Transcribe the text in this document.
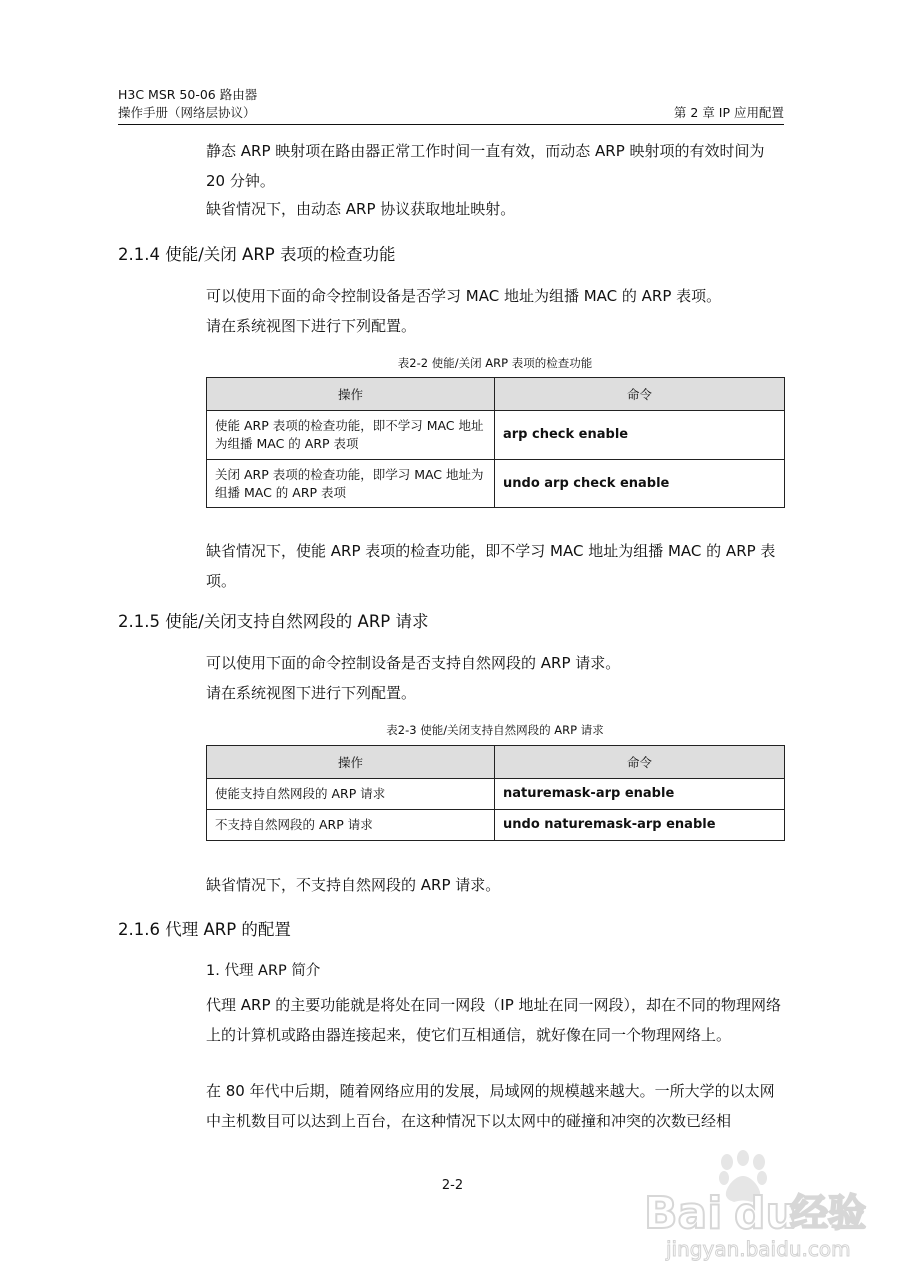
H3C MSR 50-06 路由器
操作手册（网络层协议）	第 2 章 IP 应用配置
静态 ARP 映射项在路由器正常工作时间一直有效，而动态 ARP 映射项的有效时间为 20 分钟。
缺省情况下，由动态 ARP 协议获取地址映射。
2.1.4 使能/关闭 ARP 表项的检查功能
可以使用下面的命令控制设备是否学习 MAC 地址为组播 MAC 的 ARP 表项。
请在系统视图下进行下列配置。
表2-2 使能/关闭 ARP 表项的检查功能
操作	命令
使能 ARP 表项的检查功能，即不学习 MAC 地址为组播 MAC 的 ARP 表项	arp check enable
关闭 ARP 表项的检查功能，即学习 MAC 地址为组播 MAC 的 ARP 表项	undo arp check enable
缺省情况下，使能 ARP 表项的检查功能，即不学习 MAC 地址为组播 MAC 的 ARP 表项。
2.1.5 使能/关闭支持自然网段的 ARP 请求
可以使用下面的命令控制设备是否支持自然网段的 ARP 请求。
请在系统视图下进行下列配置。
表2-3 使能/关闭支持自然网段的 ARP 请求
操作	命令
使能支持自然网段的 ARP 请求	naturemask-arp enable
不支持自然网段的 ARP 请求	undo naturemask-arp enable
缺省情况下，不支持自然网段的 ARP 请求。
2.1.6 代理 ARP 的配置
1. 代理 ARP 简介
代理 ARP 的主要功能就是将处在同一网段（IP 地址在同一网段），却在不同的物理网络上的计算机或路由器连接起来，使它们互相通信，就好像在同一个物理网络上。
在 80 年代中后期，随着网络应用的发展，局域网的规模越来越大。一所大学的以太网中主机数目可以达到上百台，在这种情况下以太网中的碰撞和冲突的次数已经相
2-2
Bai du
经验
jingyan.baidu.com
